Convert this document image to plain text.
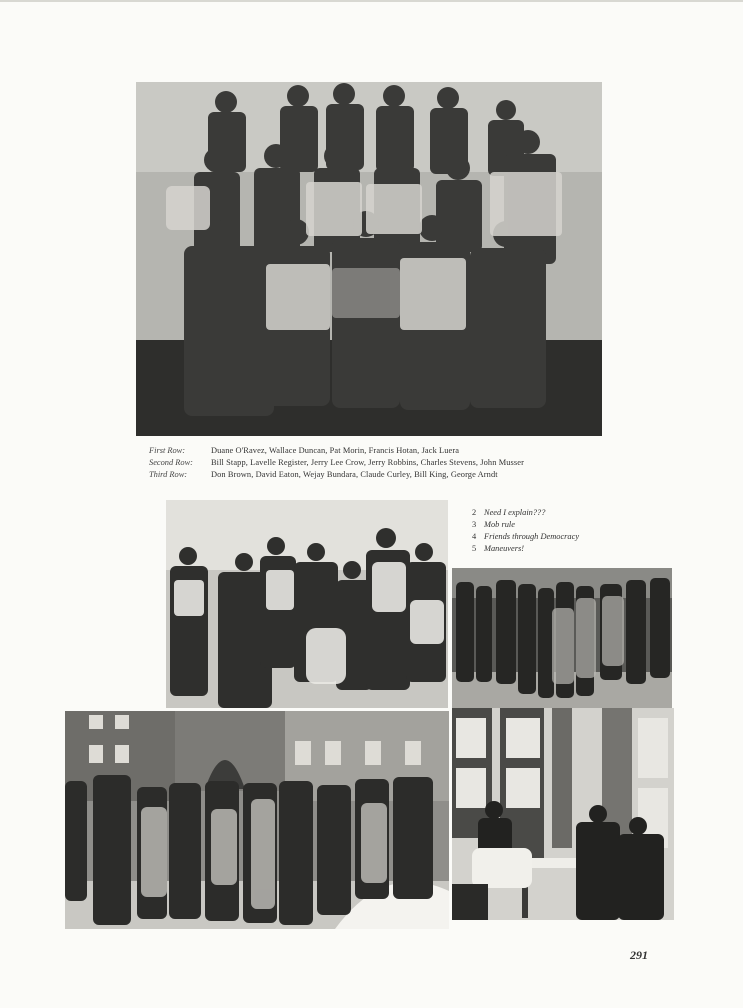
First Row:	Duane O'Ravez, Wallace Duncan, Pat Morin, Francis Hotan, Jack Luera
Second Row: Bill Stapp, Lavelle Register, Jerry Lee Crow, Jerry Robbins, Charles Stevens, John Musser
Third Row:	Don Brown, David Eaton, Wejay Bundara, Claude Curley, Bill King, George Arndt
2 Need I explain???
3 Mob rule
4 Friends through Democracy
5 Maneuvers!
291
